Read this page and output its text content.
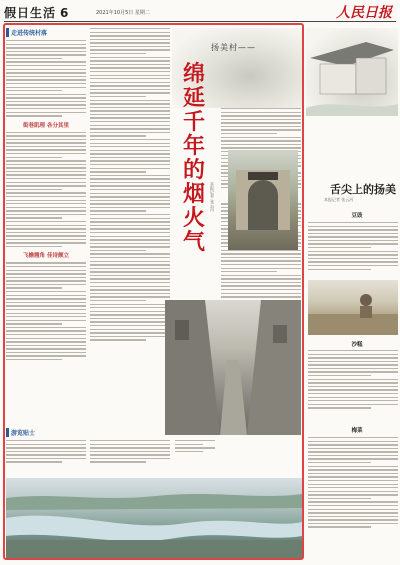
假日生活 6	2021年10月5日 星期二	人民日报
走进传统村落
街巷肌理 各分其里
飞檐翘角 佳诗颇立
扬美村——
绵延千年的烟火气
本报记者 张云河
游览贴士
舌尖上的扬美
本报记者 张云河
豆豉
沙糕
梅菜
